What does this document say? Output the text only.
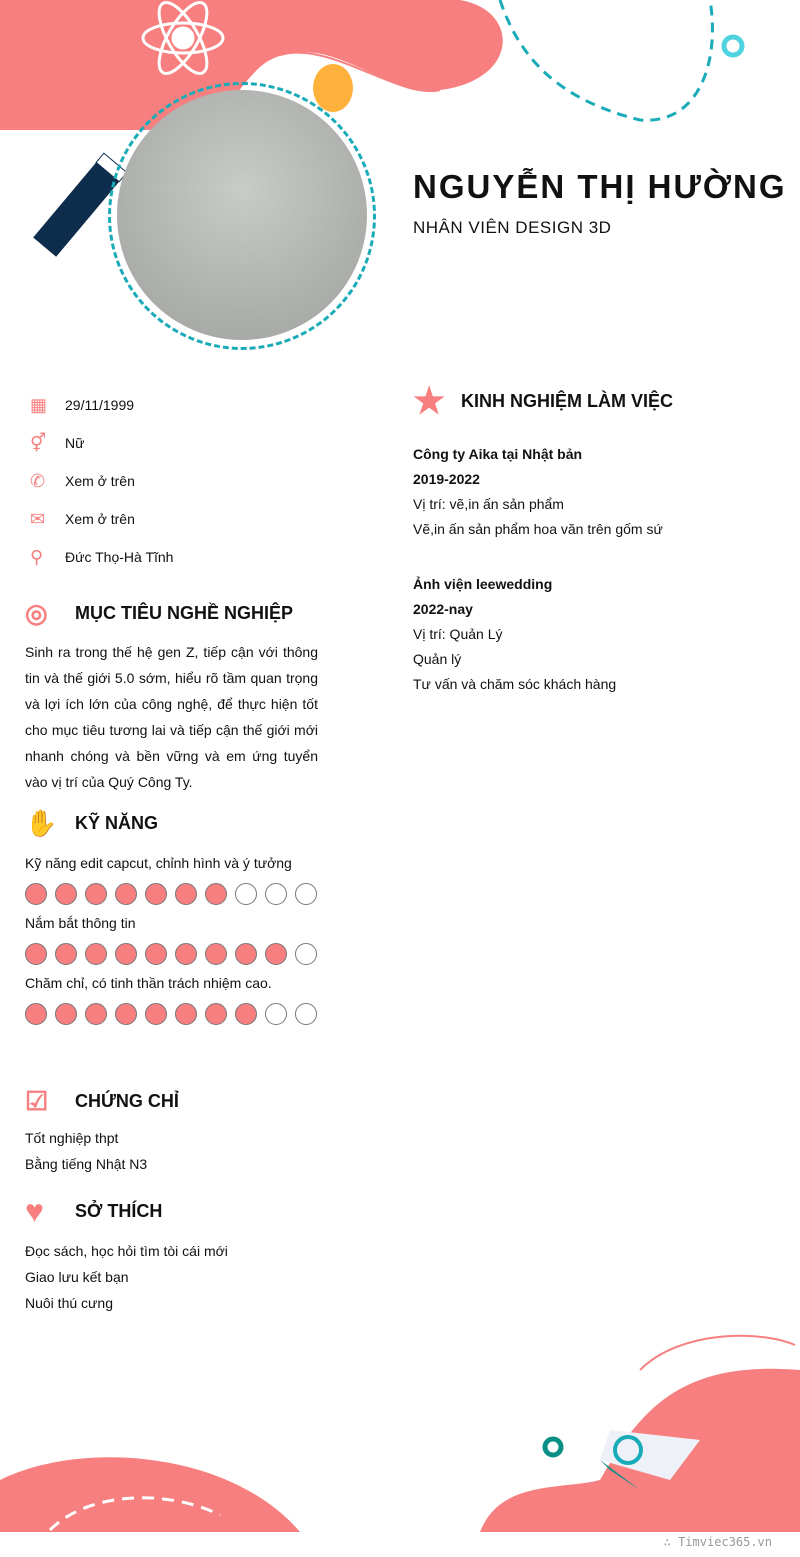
NGUYỄN THỊ HƯỜNG
NHÂN VIÊN DESIGN 3D
▦	29/11/1999
⚥	Nữ
✆	Xem ở trên
✉	Xem ở trên
⚲	Đức Thọ-Hà Tĩnh
◎	MỤC TIÊU NGHỀ NGHIỆP
Sinh ra trong thế hệ gen Z, tiếp cận với thông tin và thế giới 5.0 sớm, hiểu rõ tầm quan trọng và lợi ích lớn của công nghệ, để thực hiện tốt cho mục tiêu tương lai và tiếp cận thế giới mới nhanh chóng và bền vững và em ứng tuyển vào vị trí của Quý Công Ty.
✋ KỸ NĂNG
Kỹ năng edit capcut, chỉnh hình và ý tưởng
Nắm bắt thông tin
Chăm chỉ, có tinh thần trách nhiệm cao.
☑	CHỨNG CHỈ
Tốt nghiệp thpt
Bằng tiếng Nhật N3
♥	SỞ THÍCH
Đọc sách, học hỏi tìm tòi cái mới
Giao lưu kết bạn
Nuôi thú cưng
★ KINH NGHIỆM LÀM VIỆC
Công ty Aika tại Nhật bản
2019-2022
Vị trí: vẽ,in ấn sản phẩm
Vẽ,in ấn sản phẩm hoa văn trên gốm sứ
Ảnh viện leewedding
2022-nay
Vị trí: Quản Lý
Quản lý
Tư vấn và chăm sóc khách hàng
∴ Timviec365.vn
